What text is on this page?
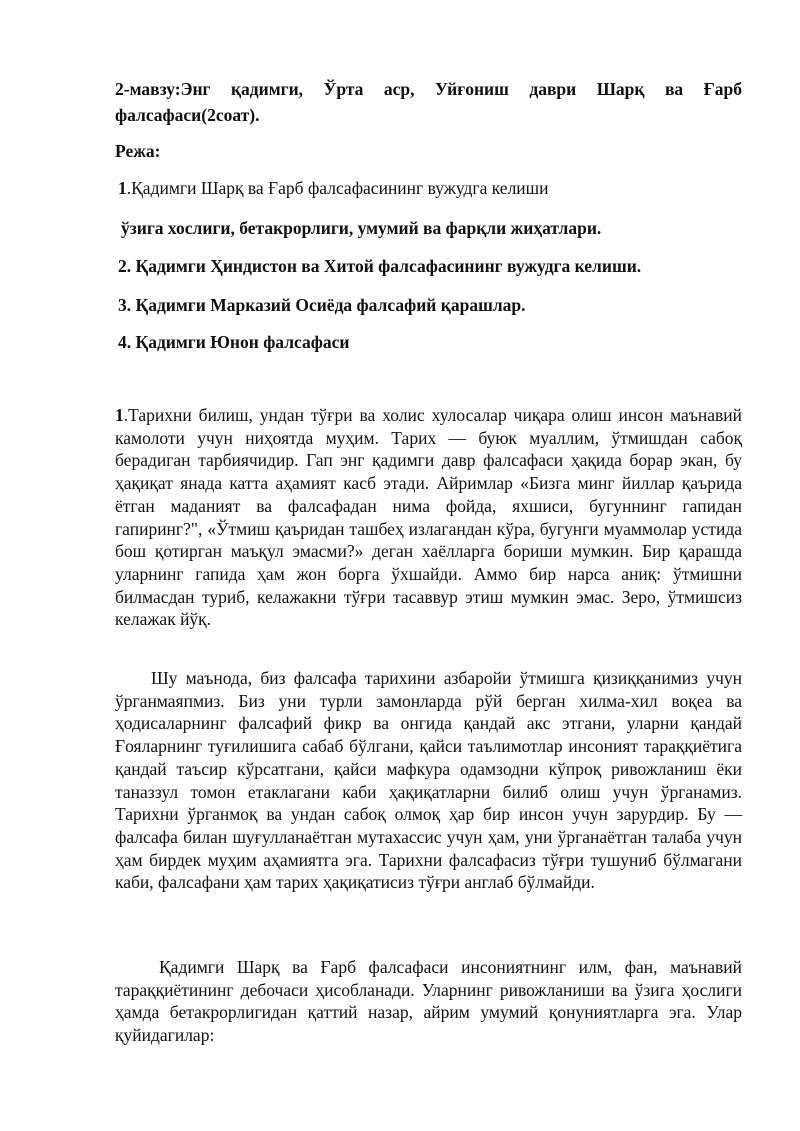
2-мавзу:Энг қадимги, Ўрта аср, Уйғониш даври Шарқ ва Ғарб
фалсафаси(2соат).

Режа:

1.Қадимги Шарқ ва Ғарб фалсафасининг вужудга келиши

ўзига хослиги, бетакрорлиги, умумий ва фарқли жиҳатлари.

2. Қадимги Ҳиндистон ва Хитой фалсафасининг вужудга келиши.

3. Қадимги Марказий Осиёда фалсафий қарашлар.

4. Қадимги Юнон фалсафаси

1.Тарихни билиш, ундан тўғри ва холис хулосалар чиқара олиш инсон маънавий камолоти учун ниҳоятда муҳим. Тарих — буюк муаллим, ўтмишдан сабоқ берадиган тарбиячидир. Гап энг қадимги давр фалсафаси ҳақида борар экан, бу ҳақиқат янада катта аҳамият касб этади. Айримлар «Бизга минг йиллар қаърида ётган маданият ва фалсафадан нима фойда, яхшиси, бугуннинг гапидан гапиринг?", «Ўтмиш қаъридан ташбеҳ излагандан кўра, бугунги муаммолар устида бош қотирган маъқул эмасми?» деган хаёлларга бориши мумкин. Бир қарашда уларнинг гапида ҳам жон борга ўхшайди. Аммо бир нарса аниқ: ўтмишни билмасдан туриб, келажакни тўғри тасаввур этиш мумкин эмас. Зеро, ўтмишсиз келажак йўқ.

Шу маънода, биз фалсафа тарихини азбаройи ўтмишга қизиққанимиз учун ўрганмаяпмиз. Биз уни турли замонларда рўй берган хилма-хил воқеа ва ҳодисаларнинг фалсафий фикр ва онгида қандай акс этгани, уларни қандай Ғояларнинг туғилишига сабаб бўлгани, қайси таълимотлар инсоният тараққиётига қандай таъсир кўрсатгани, қайси мафкура одамзодни кўпроқ ривожланиш ёки таназзул томон етаклагани каби ҳақиқатларни билиб олиш учун ўрганамиз. Тарихни ўрганмоқ ва ундан сабоқ олмоқ ҳар бир инсон учун зарурдир. Бу — фалсафа билан шуғулланаётган мутахассис учун ҳам, уни ўрганаётган талаба учун ҳам бирдек муҳим аҳамиятга эга. Тарихни фалсафасиз тўғри тушуниб бўлмагани каби, фалсафани ҳам тарих ҳақиқатисиз тўғри англаб бўлмайди.

Қадимги Шарқ ва Ғарб фалсафаси инсониятнинг илм, фан, маънавий тараққиётининг дебочаси ҳисобланади. Уларнинг ривожланиши ва ўзига ҳослиги ҳамда бетакрорлигидан қаттий назар, айрим умумий қонуниятларга эга. Улар қуйидагилар:
